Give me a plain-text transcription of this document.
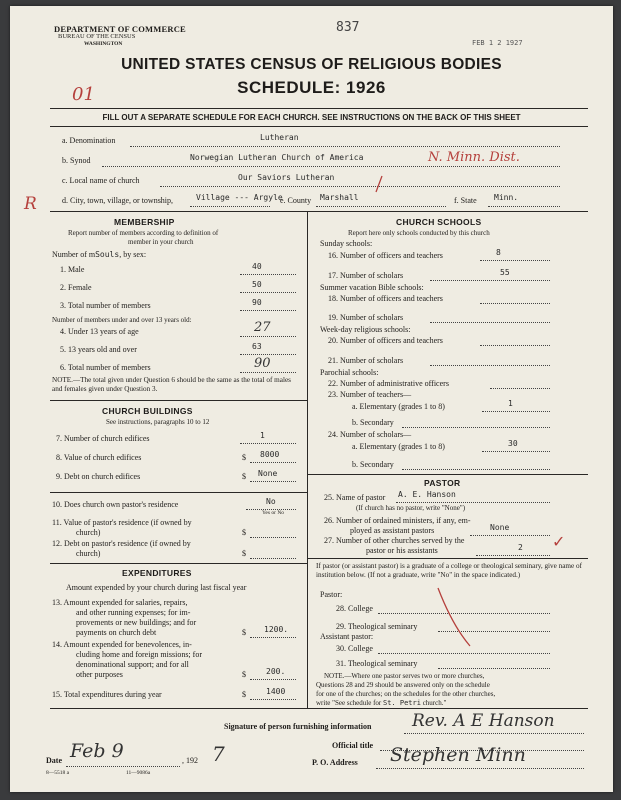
DEPARTMENT OF COMMERCE
BUREAU OF THE CENSUS
WASHINGTON
837
FEB 1 2 1927
UNITED STATES CENSUS OF RELIGIOUS BODIES
SCHEDULE: 1926
01
R
FILL OUT A SEPARATE SCHEDULE FOR EACH CHURCH. SEE INSTRUCTIONS ON THE BACK OF THIS SHEET
a. Denomination	Lutheran
b. Synod	Norwegian Lutheran Church of America	N. Minn. Dist.
c. Local name of church	Our Saviors Lutheran
d. City, town, village, or township,	Village --- Argyle
e. County Marshall	f. State Minn.
MEMBERSHIP
Report number of members according to definition of
member in your church
Number of mSouls, by sex:
1. Male	40
2. Female	50
3. Total number of members	90
Number of members under and over 13 years old:
4. Under 13 years of age	27
5. 13 years old and over	63
6. Total number of members	90
NOTE.—The total given under Question 6 should be the same as the total of males and females given under Question 3.
CHURCH BUILDINGS
See instructions, paragraphs 10 to 12
7. Number of church edifices	1
8. Value of church edifices	$ 8000
9. Debt on church edifices	$ None
10. Does church own pastor's residence	No
Yes or No
11. Value of pastor's residence (if owned by
church)	$
12. Debt on pastor's residence (if owned by
church)	$
EXPENDITURES
Amount expended by your church during last fiscal year
13. Amount expended for salaries, repairs,
and other running expenses; for im-
provements or new buildings; and for
payments on church debt	$ 1200.
14. Amount expended for benevolences, in-
cluding home and foreign missions; for
denominational support; and for all
other purposes	$	200.
15. Total expenditures during year	$	1400
CHURCH SCHOOLS
Report here only schools conducted by this church
Sunday schools:
16. Number of officers and teachers	8
17. Number of scholars	55
Summer vacation Bible schools:
18. Number of officers and teachers
19. Number of scholars
Week-day religious schools:
20. Number of officers and teachers
21. Number of scholars
Parochial schools:
22. Number of administrative officers
23. Number of teachers—
a. Elementary (grades 1 to 8)	1
b. Secondary
24. Number of scholars—
a. Elementary (grades 1 to 8)	30
b. Secondary
PASTOR
25. Name of pastor A. E. Hanson
(If church has no pastor, write "None")
26. Number of ordained ministers, if any, em-
ployed as assistant pastors	None
27. Number of other churches served by the
pastor or his assistants	2 ✓
If pastor (or assistant pastor) is a graduate of a college or theological seminary, give name of institution below. (If not a graduate, write "No" in the space indicated.)
Pastor:
28. College
29. Theological seminary
Assistant pastor:
30. College
31. Theological seminary
NOTE.—Where one pastor serves two or more churches,
Questions 28 and 29 should be answered only on the schedule
for one of the churches; on the schedules for the other churches,
write "See schedule for St. Petri church."
Signature of person furnishing information Rev. A E Hanson
Official title
Date Feb 9	, 192 7	P. O. Address Stephen Minn
8—5518 a	11—9086a
